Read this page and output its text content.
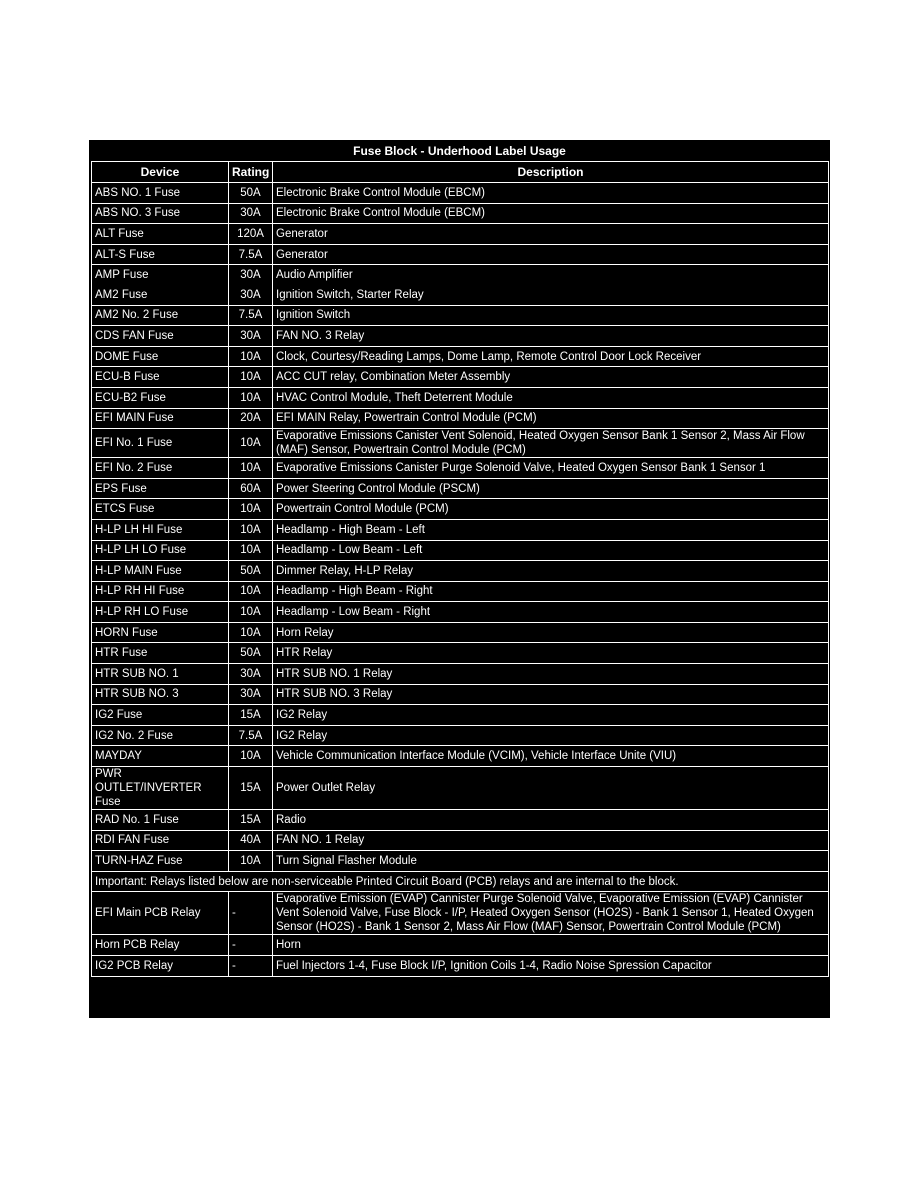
Fuse Block - Underhood Label Usage
Device	Rating	Description
ABS NO. 1 Fuse	50A	Electronic Brake Control Module (EBCM)
ABS NO. 3 Fuse	30A	Electronic Brake Control Module (EBCM)
ALT Fuse	120A	Generator
ALT-S Fuse	7.5A	Generator
AMP Fuse	30A	Audio Amplifier
AM2 Fuse	30A	Ignition Switch, Starter Relay
AM2 No. 2 Fuse	7.5A	Ignition Switch
CDS FAN Fuse	30A	FAN NO. 3 Relay
DOME Fuse	10A	Clock, Courtesy/Reading Lamps, Dome Lamp, Remote Control Door Lock Receiver
ECU-B Fuse	10A	ACC CUT relay, Combination Meter Assembly
ECU-B2 Fuse	10A	HVAC Control Module, Theft Deterrent Module
EFI MAIN Fuse	20A	EFI MAIN Relay, Powertrain Control Module (PCM)
EFI No. 1 Fuse	10A	Evaporative Emissions Canister Vent Solenoid, Heated Oxygen Sensor Bank 1 Sensor 2, Mass Air Flow (MAF) Sensor, Powertrain Control Module (PCM)
EFI No. 2 Fuse	10A	Evaporative Emissions Canister Purge Solenoid Valve, Heated Oxygen Sensor Bank 1 Sensor 1
EPS Fuse	60A	Power Steering Control Module (PSCM)
ETCS Fuse	10A	Powertrain Control Module (PCM)
H-LP LH HI Fuse	10A	Headlamp - High Beam - Left
H-LP LH LO Fuse	10A	Headlamp - Low Beam - Left
H-LP MAIN Fuse	50A	Dimmer Relay, H-LP Relay
H-LP RH HI Fuse	10A	Headlamp - High Beam - Right
H-LP RH LO Fuse	10A	Headlamp - Low Beam - Right
HORN Fuse	10A	Horn Relay
HTR Fuse	50A	HTR Relay
HTR SUB NO. 1	30A	HTR SUB NO. 1 Relay
HTR SUB NO. 3	30A	HTR SUB NO. 3 Relay
IG2 Fuse	15A	IG2 Relay
IG2 No. 2 Fuse	7.5A	IG2 Relay
MAYDAY	10A	Vehicle Communication Interface Module (VCIM), Vehicle Interface Unite (VIU)
PWR OUTLET/INVERTER Fuse	15A	Power Outlet Relay
RAD No. 1 Fuse	15A	Radio
RDI FAN Fuse	40A	FAN NO. 1 Relay
TURN-HAZ Fuse	10A	Turn Signal Flasher Module
Important: Relays listed below are non-serviceable Printed Circuit Board (PCB) relays and are internal to the block.		
EFI Main PCB Relay	-	Evaporative Emission (EVAP) Cannister Purge Solenoid Valve, Evaporative Emission (EVAP) Cannister Vent Solenoid Valve, Fuse Block - I/P, Heated Oxygen Sensor (HO2S) - Bank 1 Sensor 1, Heated Oxygen Sensor (HO2S) - Bank 1 Sensor 2, Mass Air Flow (MAF) Sensor, Powertrain Control Module (PCM)
Horn PCB Relay	-	Horn
IG2 PCB Relay	-	Fuel Injectors 1-4, Fuse Block I/P, Ignition Coils 1-4, Radio Noise Spression Capacitor
